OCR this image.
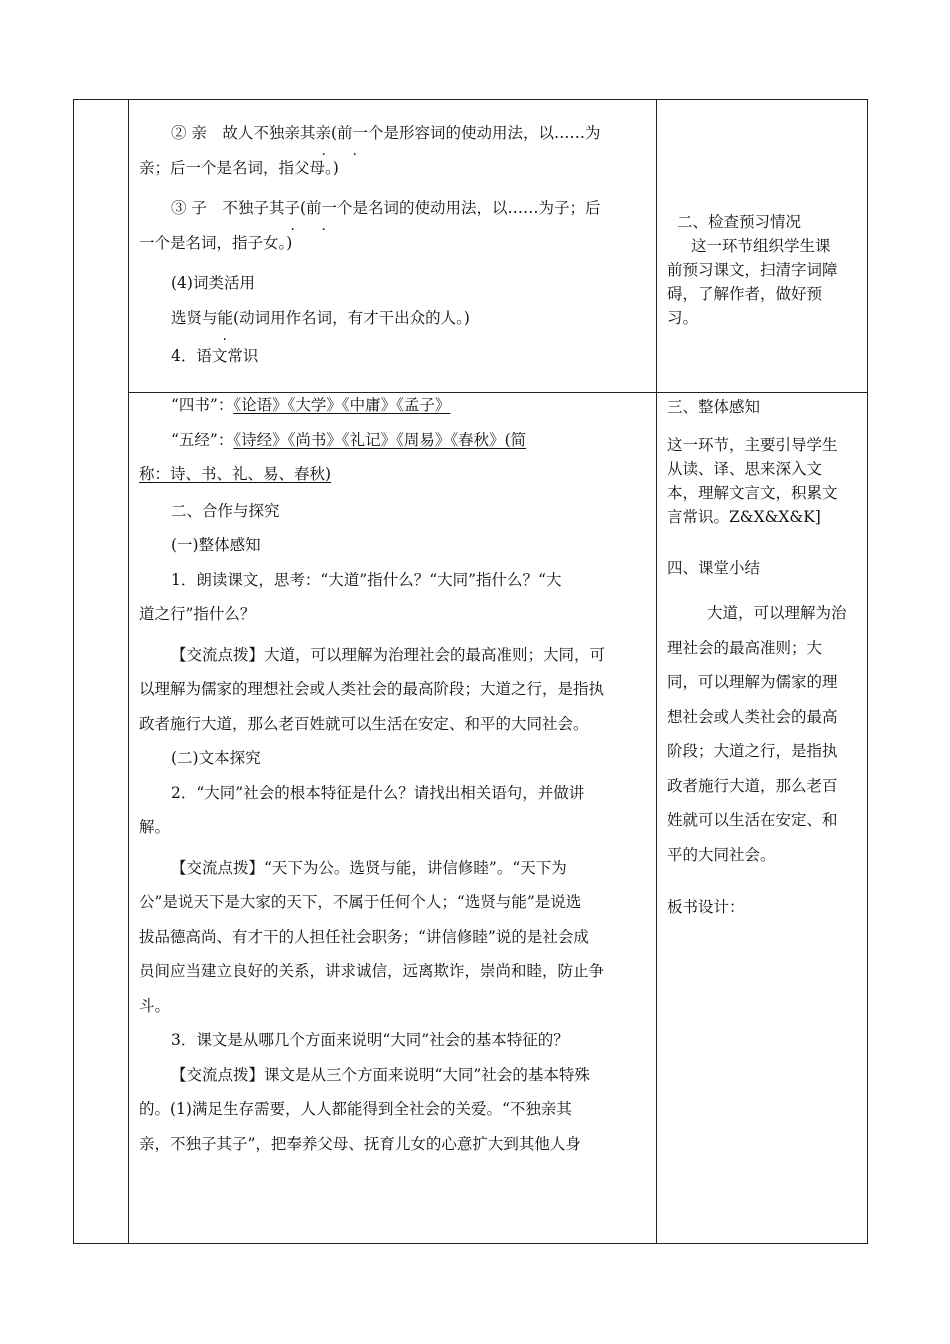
② 亲　故人不独亲 ·其亲 ·(前一个是形容词的使动用法，以……为

亲；后一个是名词，指父母。)

③ 子　不独子 ·其子 ·(前一个是名词的使动用法，以……为子；后

一个是名词，指子女。)

(4)词类活用

选贤与能(动词用作名词，有才干出众的人。)

4．语文常识

二、检查预习情况

这一环节组织学生课

前预习课文，扫清字词障

碍，了解作者，做好预

习。

“四书”：《论语》《大学》《中庸》《孟子》

“五经”：《诗经》《尚书》《礼记》《周易》《春秋》(简

称：诗、书、礼、易、春秋)

二、合作与探究

(一)整体感知

1．朗读课文，思考：“大道”指什么？“大同”指什么？“大

道之行”指什么？

【交流点拨】大道，可以理解为治理社会的最高准则；大同，可

以理解为儒家的理想社会或人类社会的最高阶段；大道之行，是指执

政者施行大道，那么老百姓就可以生活在安定、和平的大同社会。

(二)文本探究

2．“大同”社会的根本特征是什么？请找出相关语句，并做讲

解。

【交流点拨】“天下为公。选贤与能，讲信修睦”。“天下为

公”是说天下是大家的天下，不属于任何个人；“选贤与能”是说选

拔品德高尚、有才干的人担任社会职务；“讲信修睦”说的是社会成

员间应当建立良好的关系，讲求诚信，远离欺诈，崇尚和睦，防止争

斗。

3．课文是从哪几个方面来说明“大同”社会的基本特征的？

【交流点拨】课文是从三个方面来说明“大同”社会的基本特殊

的。(1)满足生存需要，人人都能得到全社会的关爱。“不独亲其

亲，不独子其子”，把奉养父母、抚育儿女的心意扩大到其他人身

三、整体感知

这一环节，主要引导学生

从读、译、思来深入文

本，理解文言文，积累文

言常识。Z&X&X&K]

四、课堂小结

大道，可以理解为治

理社会的最高准则；大

同，可以理解为儒家的理

想社会或人类社会的最高

阶段；大道之行，是指执

政者施行大道，那么老百

姓就可以生活在安定、和

平的大同社会。

板书设计：
